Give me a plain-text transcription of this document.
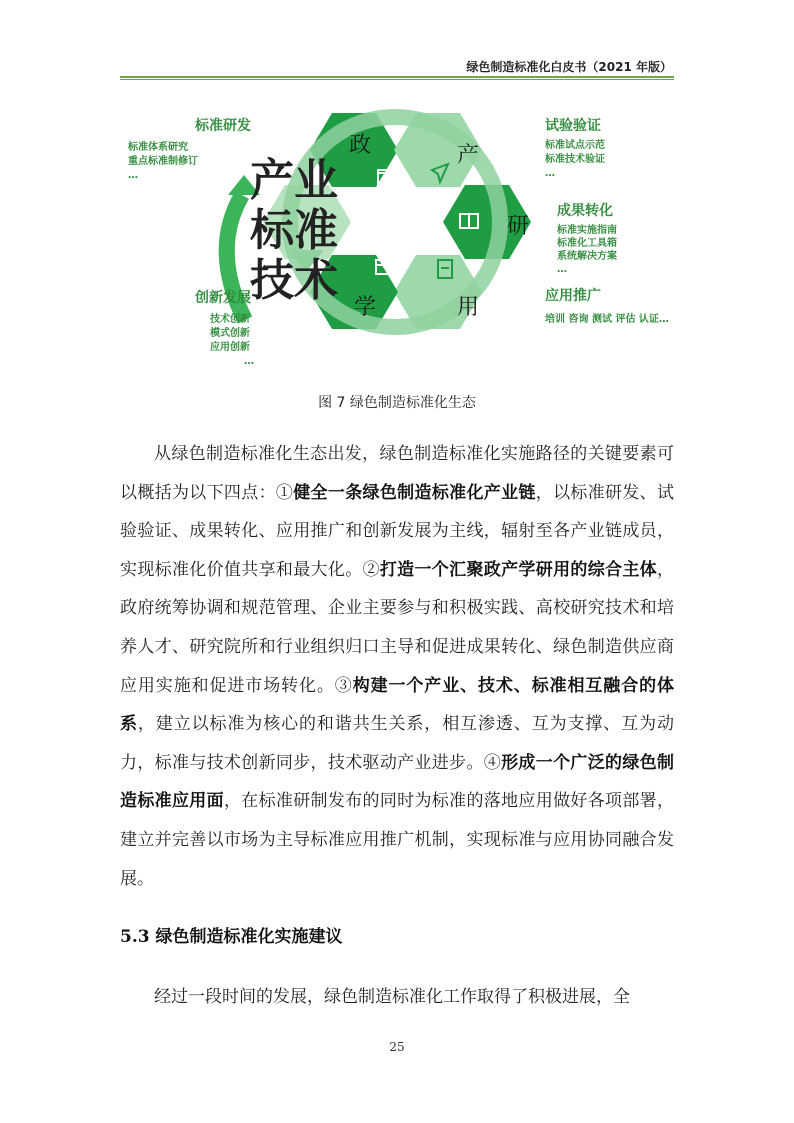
绿色制造标准化白皮书（2021 年版）
政	产
研
用
学
产业
标准
技术
标准研发
标准体系研究
重点标准制修订
…
试验验证
标准试点示范
标准技术验证
…
成果转化
标准实施指南
标准化工具箱
系统解决方案
…
应用推广
培训 咨询 测试 评估 认证…
创新发展
技术创新
模式创新
应用创新
…
图 7 绿色制造标准化生态

从绿色制造标准化生态出发，绿色制造标准化实施路径的关键要素可以概括为以下四点：①健全一条绿色制造标准化产业链，以标准研发、试验验证、成果转化、应用推广和创新发展为主线，辐射至各产业链成员，实现标准化价值共享和最大化。②打造一个汇聚政产学研用的综合主体，政府统筹协调和规范管理、企业主要参与和积极实践、高校研究技术和培养人才、研究院所和行业组织归口主导和促进成果转化、绿色制造供应商应用实施和促进市场转化。③构建一个产业、技术、标准相互融合的体系，建立以标准为核心的和谐共生关系，相互渗透、互为支撑、互为动力，标准与技术创新同步，技术驱动产业进步。④形成一个广泛的绿色制造标准应用面，在标准研制发布的同时为标准的落地应用做好各项部署，建立并完善以市场为主导标准应用推广机制，实现标准与应用协同融合发展。

5.3 绿色制造标准化实施建议

经过一段时间的发展，绿色制造标准化工作取得了积极进展，全

25
